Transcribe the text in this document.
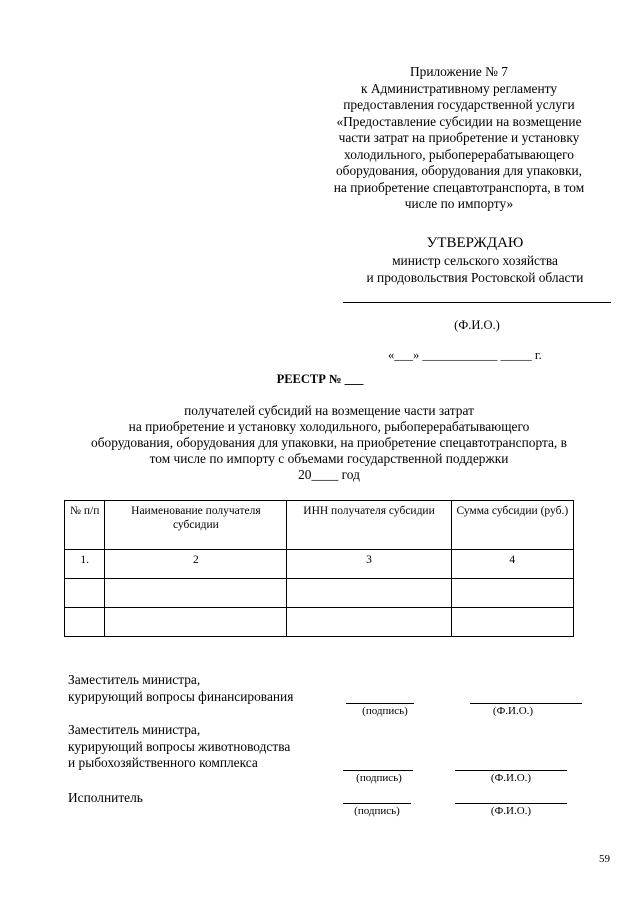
Приложение № 7
к Административному регламенту
предоставления государственной услуги
«Предоставление субсидии на возмещение
части затрат на приобретение и установку
холодильного, рыбоперерабатывающего
оборудования, оборудования для упаковки,
на приобретение спецавтотранспорта, в том
числе по импорту»
УТВЕРЖДАЮ
министр сельского хозяйства
и продовольствия Ростовской области
(Ф.И.О.)
«___» ____________ _____ г.
РЕЕСТР № ___
получателей субсидий на возмещение части затрат
на приобретение и установку холодильного, рыбоперерабатывающего
оборудования, оборудования для упаковки, на приобретение спецавтотранспорта, в
том числе по импорту с объемами государственной поддержки
20____ год
№ п/п	Наименование получателя субсидии	ИНН получателя субсидии	Сумма субсидии (руб.)
1.	2	3	4

Заместитель министра,
курирующий вопросы финансирования
(подпись)	(Ф.И.О.)
Заместитель министра,
курирующий вопросы животноводства
и рыбохозяйственного комплекса
(подпись)	(Ф.И.О.)
Исполнитель
(подпись)	(Ф.И.О.)
59
